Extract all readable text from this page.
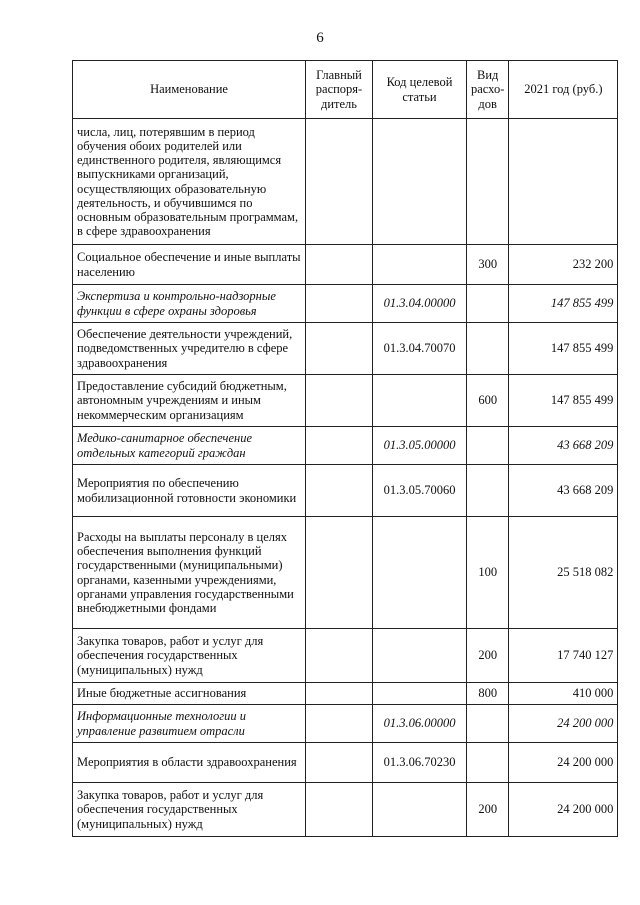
6
Наименование	Главный распоря-дитель	Код целевой статьи	Вид расхо-дов	2021 год (руб.)
числа, лиц, потерявшим в период обучения обоих родителей или единственного родителя, являющимся выпускниками организаций, осуществляющих образовательную деятельность, и обучившимся по основным образовательным программам, в сфере здравоохранения				
Социальное обеспечение и иные выплаты населению			300	232 200
Экспертиза и контрольно-надзорные функции в сфере охраны здоровья		01.3.04.00000		147 855 499
Обеспечение деятельности учреждений, подведомственных учредителю в сфере здравоохранения		01.3.04.70070		147 855 499
Предоставление субсидий бюджетным, автономным учреждениям и иным некоммерческим организациям			600	147 855 499
Медико-санитарное обеспечение отдельных категорий граждан		01.3.05.00000		43 668 209
Мероприятия по обеспечению мобилизационной готовности экономики		01.3.05.70060		43 668 209
Расходы на выплаты персоналу в целях обеспечения выполнения функций государственными (муниципальными) органами, казенными учреждениями, органами управления государственными внебюджетными фондами			100	25 518 082
Закупка товаров, работ и услуг для обеспечения государственных (муниципальных) нужд			200	17 740 127
Иные бюджетные ассигнования			800	410 000
Информационные технологии и управление развитием отрасли		01.3.06.00000		24 200 000
Мероприятия в области здравоохранения		01.3.06.70230		24 200 000
Закупка товаров, работ и услуг для обеспечения государственных (муниципальных) нужд			200	24 200 000
